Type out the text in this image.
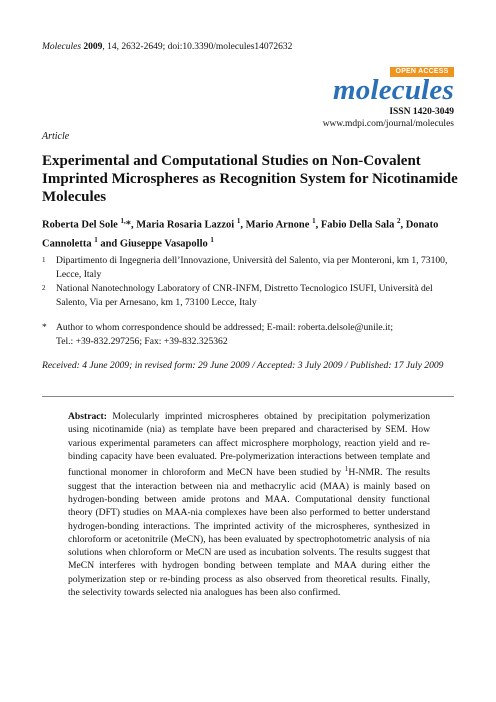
Molecules 2009, 14, 2632-2649; doi:10.3390/molecules14072632
OPEN ACCESS
molecules
ISSN 1420-3049
www.mdpi.com/journal/molecules
Article
Experimental and Computational Studies on Non-Covalent Imprinted Microspheres as Recognition System for Nicotinamide Molecules
Roberta Del Sole $^{1,}$*, Maria Rosaria Lazzoi $^1$, Mario Arnone $^1$, Fabio Della Sala $^2$, Donato Cannoletta $^1$ and Giuseppe Vasapollo $^1$
1 Dipartimento di Ingegneria dell’Innovazione, Università del Salento, via per Monteroni, km 1, 73100, Lecce, Italy
2 National Nanotechnology Laboratory of CNR-INFM, Distretto Tecnologico ISUFI, Università del Salento, Via per Arnesano, km 1, 73100 Lecce, Italy
* Author to whom correspondence should be addressed; E-mail: roberta.delsole@unile.it;
Tel.: +39-832.297256; Fax: +39-832.325362
Received: 4 June 2009; in revised form: 29 June 2009 / Accepted: 3 July 2009 / Published: 17 July 2009
Abstract: Molecularly imprinted microspheres obtained by precipitation polymerization using nicotinamide (nia) as template have been prepared and characterised by SEM. How various experimental parameters can affect microsphere morphology, reaction yield and re-binding capacity have been evaluated. Pre-polymerization interactions between template and functional monomer in chloroform and MeCN have been studied by $^1$H-NMR. The results suggest that the interaction between nia and methacrylic acid (MAA) is mainly based on hydrogen-bonding between amide protons and MAA. Computational density functional theory (DFT) studies on MAA-nia complexes have been also performed to better understand hydrogen-bonding interactions. The imprinted activity of the microspheres, synthesized in chloroform or acetonitrile (MeCN), has been evaluated by spectrophotometric analysis of nia solutions when chloroform or MeCN are used as incubation solvents. The results suggest that MeCN interferes with hydrogen bonding between template and MAA during either the polymerization step or re-binding process as also observed from theoretical results. Finally, the selectivity towards selected nia analogues has been also confirmed.
